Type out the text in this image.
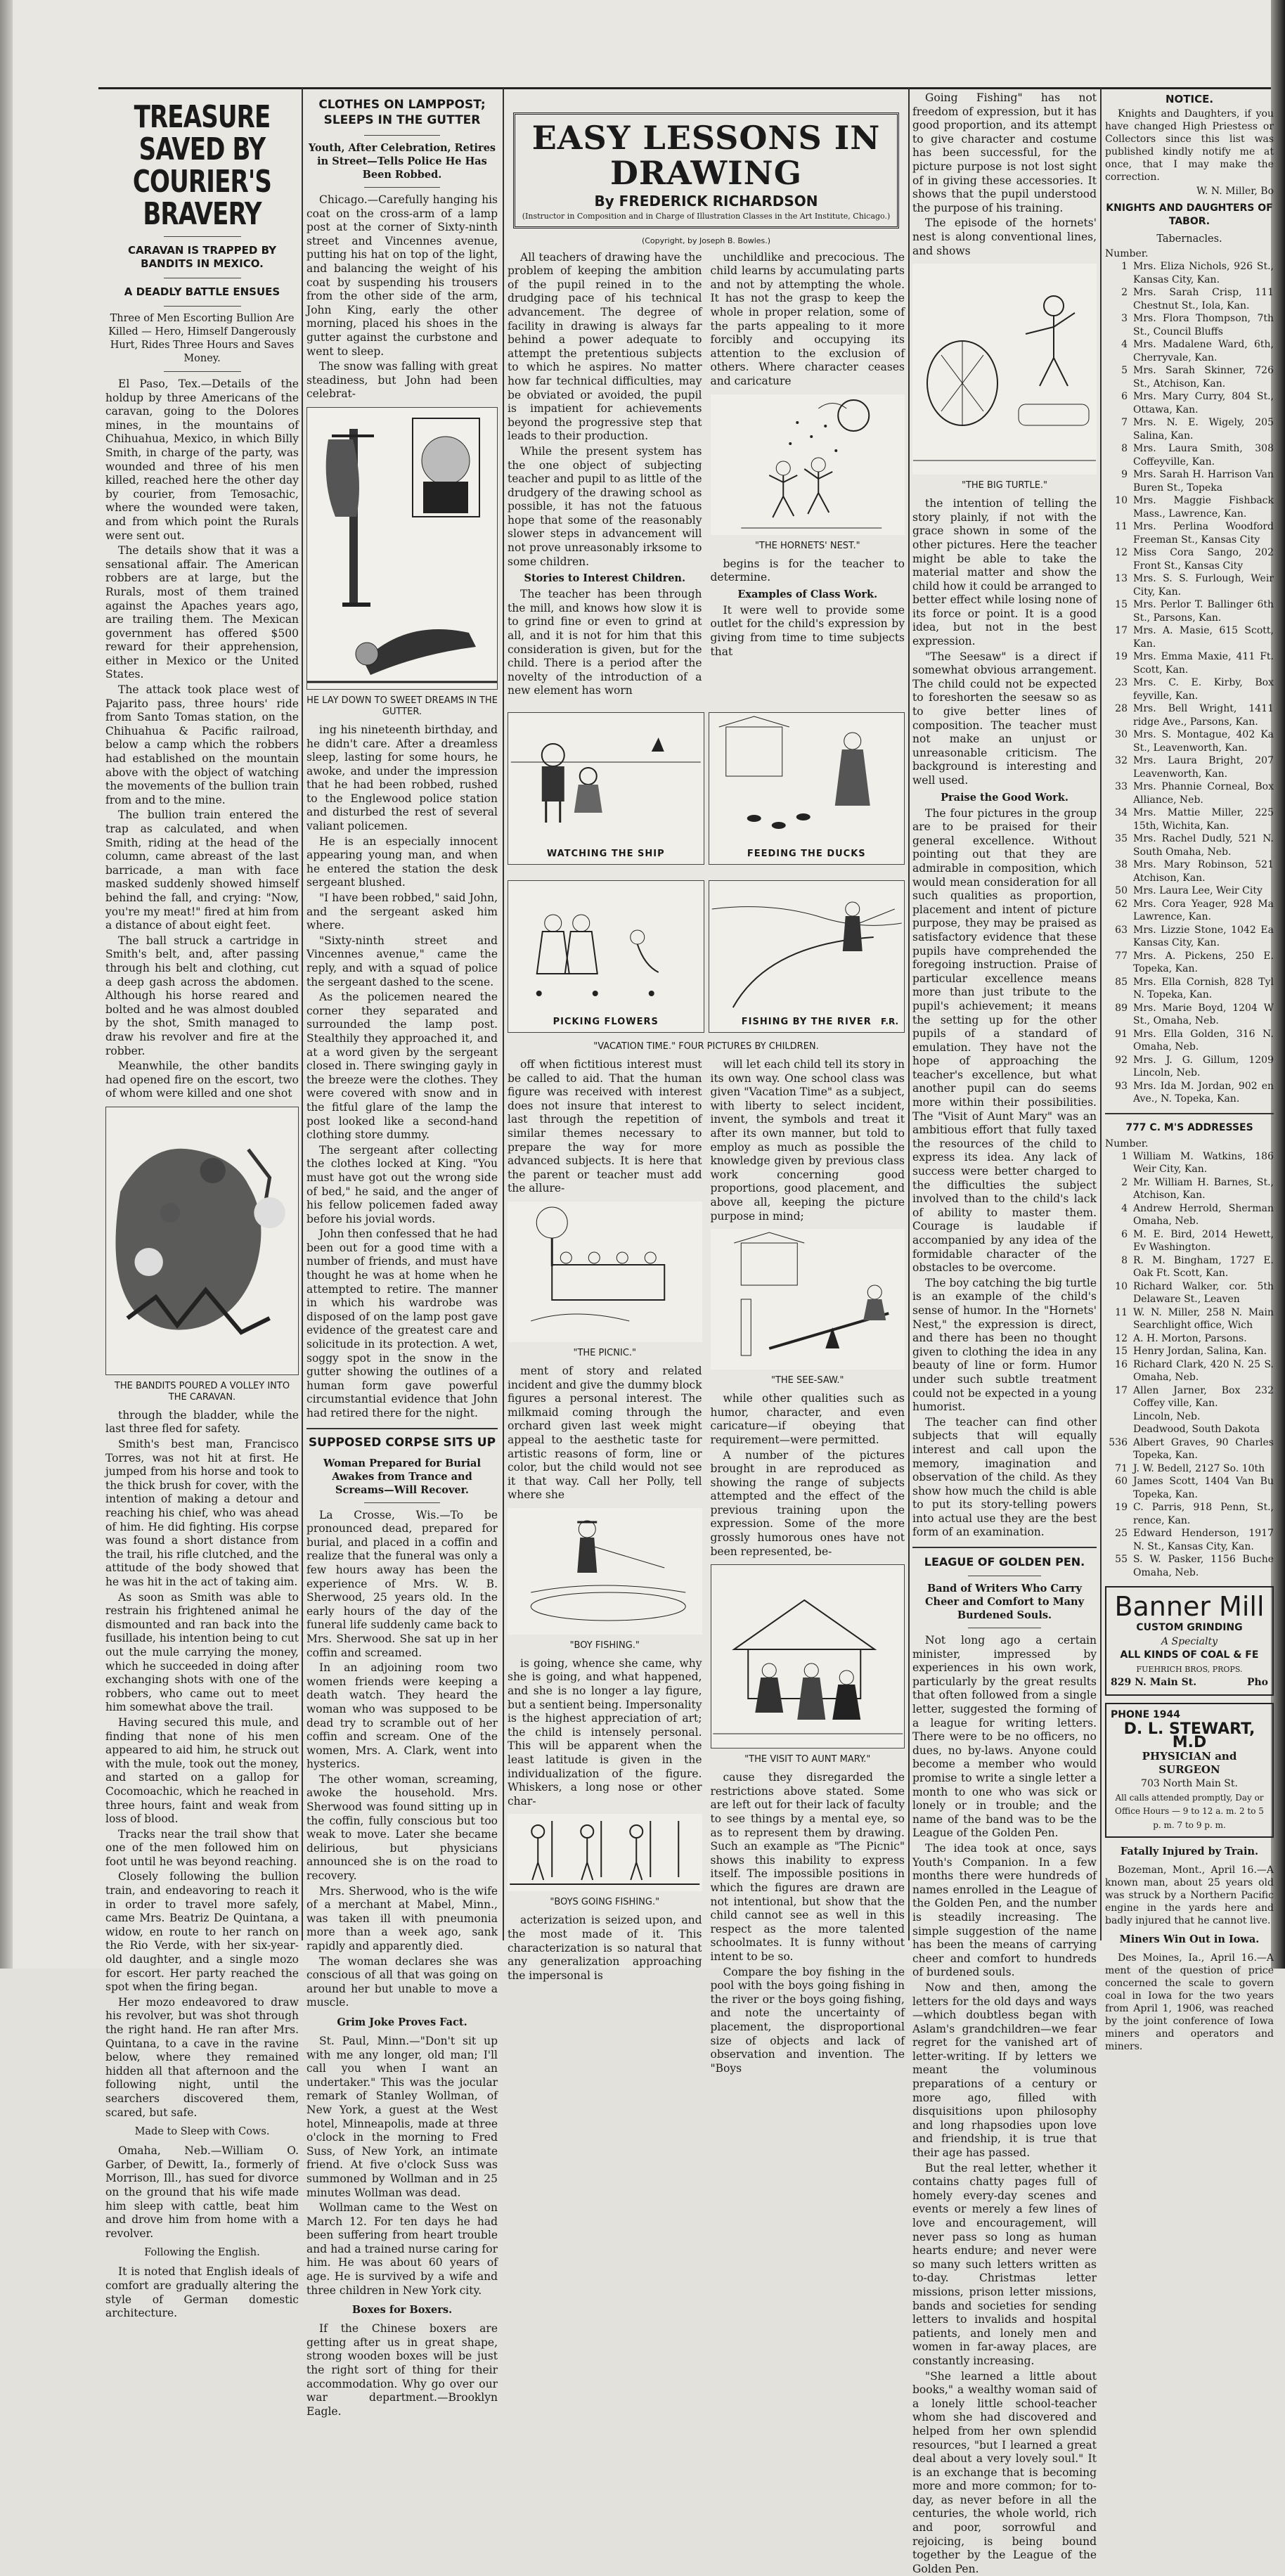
TREASURE SAVED BY COURIER'S BRAVERY
CARAVAN IS TRAPPED BY BANDITS IN MEXICO.
A DEADLY BATTLE ENSUES
Three of Men Escorting Bullion Are Killed — Hero, Himself Dangerously Hurt, Rides Three Hours and Saves Money.

El Paso, Tex.—Details of the holdup by three Americans of the caravan, going to the Dolores mines, in the mountains of Chihuahua, Mexico, in which Billy Smith, in charge of the party, was wounded and three of his men killed, reached here the other day by courier, from Temosachic, where the wounded were taken, and from which point the Rurals were sent out.

The details show that it was a sensational affair. The American robbers are at large, but the Rurals, most of them trained against the Apaches years ago, are trailing them. The Mexican government has offered $500 reward for their apprehension, either in Mexico or the United States.

The attack took place west of Pajarito pass, three hours' ride from Santo Tomas station, on the Chihuahua & Pacific railroad, below a camp which the robbers had established on the mountain above with the object of watching the movements of the bullion train from and to the mine.

The bullion train entered the trap as calculated, and when Smith, riding at the head of the column, came abreast of the last barricade, a man with face masked suddenly showed himself behind the fall, and crying: "Now, you're my meat!" fired at him from a distance of about eight feet.

The ball struck a cartridge in Smith's belt, and, after passing through his belt and clothing, cut a deep gash across the abdomen. Although his horse reared and bolted and he was almost doubled by the shot, Smith managed to draw his revolver and fire at the robber.

Meanwhile, the other bandits had opened fire on the escort, two of whom were killed and one shot

THE BANDITS POURED A VOLLEY INTO THE CARAVAN.

through the bladder, while the last three fled for safety.

Smith's best man, Francisco Torres, was not hit at first. He jumped from his horse and took to the thick brush for cover, with the intention of making a detour and reaching his chief, who was ahead of him. He did fighting. His corpse was found a short distance from the trail, his rifle clutched, and the attitude of the body showed that he was hit in the act of taking aim.

As soon as Smith was able to restrain his frightened animal he dismounted and ran back into the fusillade, his intention being to cut out the mule carrying the money, which he succeeded in doing after exchanging shots with one of the robbers, who came out to meet him somewhat above the trail.

Having secured this mule, and finding that none of his men appeared to aid him, he struck out with the mule, took out the money, and started on a gallop for Cocomoachic, which he reached in three hours, faint and weak from loss of blood.

Tracks near the trail show that one of the men followed him on foot until he was beyond reaching.

Closely following the bullion train, and endeavoring to reach it in order to travel more safely, came Mrs. Beatriz De Quintana, a widow, en route to her ranch on the Rio Verde, with her six-year-old daughter, and a single mozo for escort. Her party reached the spot when the firing began.

Her mozo endeavored to draw his revolver, but was shot through the right hand. He ran after Mrs. Quintana, to a cave in the ravine below, where they remained hidden all that afternoon and the following night, until the searchers discovered them, scared, but safe.

Made to Sleep with Cows.

Omaha, Neb.—William O. Garber, of Dewitt, Ia., formerly of Morrison, Ill., has sued for divorce on the ground that his wife made him sleep with cattle, beat him and drove him from home with a revolver.

Following the English.

It is noted that English ideals of comfort are gradually altering the style of German domestic architecture.

CLOTHES ON LAMPPOST; SLEEPS IN THE GUTTER
Youth, After Celebration, Retires in Street—Tells Police He Has Been Robbed.

Chicago.—Carefully hanging his coat on the cross-arm of a lamp post at the corner of Sixty-ninth street and Vincennes avenue, putting his hat on top of the light, and balancing the weight of his coat by suspending his trousers from the other side of the arm, John King, early the other morning, placed his shoes in the gutter against the curbstone and went to sleep.

The snow was falling with great steadiness, but John had been celebrat-

HE LAY DOWN TO SWEET DREAMS IN THE GUTTER.

ing his nineteenth birthday, and he didn't care. After a dreamless sleep, lasting for some hours, he awoke, and under the impression that he had been robbed, rushed to the Englewood police station and disturbed the rest of several valiant policemen.

He is an especially innocent appearing young man, and when he entered the station the desk sergeant blushed.

"I have been robbed," said John, and the sergeant asked him where.

"Sixty-ninth street and Vincennes avenue," came the reply, and with a squad of police the sergeant dashed to the scene.

As the policemen neared the corner they separated and surrounded the lamp post. Stealthily they approached it, and at a word given by the sergeant closed in. There swinging gayly in the breeze were the clothes. They were covered with snow and in the fitful glare of the lamp the post looked like a second-hand clothing store dummy.

The sergeant after collecting the clothes locked at King. "You must have got out the wrong side of bed," he said, and the anger of his fellow policemen faded away before his jovial words.

John then confessed that he had been out for a good time with a number of friends, and must have thought he was at home when he attempted to retire. The manner in which his wardrobe was disposed of on the lamp post gave evidence of the greatest care and solicitude in its protection. A wet, soggy spot in the snow in the gutter showing the outlines of a human form gave powerful circumstantial evidence that John had retired there for the night.

SUPPOSED CORPSE SITS UP
Woman Prepared for Burial Awakes from Trance and Screams—Will Recover.

La Crosse, Wis.—To be pronounced dead, prepared for burial, and placed in a coffin and realize that the funeral was only a few hours away has been the experience of Mrs. W. B. Sherwood, 25 years old. In the early hours of the day of the funeral life suddenly came back to Mrs. Sherwood. She sat up in her coffin and screamed.

In an adjoining room two women friends were keeping a death watch. They heard the woman who was supposed to be dead try to scramble out of her coffin and scream. One of the women, Mrs. A. Clark, went into hysterics.

The other woman, screaming, awoke the household. Mrs. Sherwood was found sitting up in the coffin, fully conscious but too weak to move. Later she became delirious, but physicians announced she is on the road to recovery.

Mrs. Sherwood, who is the wife of a merchant at Mabel, Minn., was taken ill with pneumonia more than a week ago, sank rapidly and apparently died.

The woman declares she was conscious of all that was going on around her but unable to move a muscle.

Grim Joke Proves Fact.

St. Paul, Minn.—"Don't sit up with me any longer, old man; I'll call you when I want an undertaker." This was the jocular remark of Stanley Wollman, of New York, a guest at the West hotel, Minneapolis, made at three o'clock in the morning to Fred Suss, of New York, an intimate friend. At five o'clock Suss was summoned by Wollman and in 25 minutes Wollman was dead.

Wollman came to the West on March 12. For ten days he had been suffering from heart trouble and had a trained nurse caring for him. He was about 60 years of age. He is survived by a wife and three children in New York city.

Boxes for Boxers.

If the Chinese boxers are getting after us in great shape, strong wooden boxes will be just the right sort of thing for their accommodation. Why go over our war department.—Brooklyn Eagle.

EASY LESSONS IN DRAWING
By FREDERICK RICHARDSON
(Instructor in Composition and in Charge of Illustration Classes in the Art Institute, Chicago.)
(Copyright, by Joseph B. Bowles.)

All teachers of drawing have the problem of keeping the ambition of the pupil reined in to the drudging pace of his technical advancement. The degree of facility in drawing is always far behind a power adequate to attempt the pretentious subjects to which he aspires. No matter how far technical difficulties, may be obviated or avoided, the pupil is impatient for achievements beyond the progressive step that leads to their production.

While the present system has the one object of subjecting teacher and pupil to as little of the drudgery of the drawing school as possible, it has not the fatuous hope that some of the reasonably slower steps in advancement will not prove unreasonably irksome to some children.

Stories to Interest Children.

The teacher has been through the mill, and knows how slow it is to grind fine or even to grind at all, and it is not for him that this consideration is given, but for the child. There is a period after the novelty of the introduction of a new element has worn

unchildlike and precocious. The child learns by accumulating parts and not by attempting the whole. It has not the grasp to keep the whole in proper relation, some of the parts appealing to it more forcibly and occupying its attention to the exclusion of others. Where character ceases and caricature

"THE HORNETS' NEST."

begins is for the teacher to determine.

Examples of Class Work.

It were well to provide some outlet for the child's expression by giving from time to time subjects that

WATCHING THE SHIP	FEEDING THE DUCKS
PICKING FLOWERS	FISHING BY THE RIVER	F.R.
"VACATION TIME." FOUR PICTURES BY CHILDREN.

off when fictitious interest must be called to aid. That the human figure was received with interest does not insure that interest to last through the repetition of similar themes necessary to prepare the way for more advanced subjects. It is here that the parent or teacher must add the allure-

"THE PICNIC."

ment of story and related incident and give the dummy block figures a personal interest. The milkmaid coming through the orchard given last week might appeal to the aesthetic taste for artistic reasons of form, line or color, but the child would not see it that way. Call her Polly, tell where she

"BOY FISHING."

is going, whence she came, why she is going, and what happened, and she is no longer a lay figure, but a sentient being. Impersonality is the highest appreciation of art; the child is intensely personal. This will be apparent when the least latitude is given in the individualization of the figure. Whiskers, a long nose or other char-

"BOYS GOING FISHING."

acterization is seized upon, and the most made of it. This characterization is so natural that any generalization approaching the impersonal is

will let each child tell its story in its own way. One school class was given "Vacation Time" as a subject, with liberty to select incident, invent, the symbols and treat it after its own manner, but told to employ as much as possible the knowledge given by previous class work concerning good proportions, good placement, and above all, keeping the picture purpose in mind;

"THE SEE-SAW."

while other qualities such as humor, character, and even caricature—if obeying that requirement—were permitted.

A number of the pictures brought in are reproduced as showing the range of subjects attempted and the effect of the previous training upon the expression. Some of the more grossly humorous ones have not been represented, be-

"THE VISIT TO AUNT MARY."

cause they disregarded the restrictions above stated. Some are left out for their lack of faculty to see things by a mental eye, so as to represent them by drawing. Such an example as "The Picnic" shows this inability to express itself. The impossible positions in which the figures are drawn are not intentional, but show that the child cannot see as well in this respect as the more talented schoolmates. It is funny without intent to be so.

Compare the boy fishing in the pool with the boys going fishing in the river or the boys going fishing, and note the uncertainty of placement, the disproportional size of objects and lack of observation and invention. The "Boys

Going Fishing" has not freedom of expression, but it has good proportion, and its attempt to give character and costume has been successful, for the picture purpose is not lost sight of in giving these accessories. It shows that the pupil understood the purpose of his training.

The episode of the hornets' nest is along conventional lines, and shows

"THE BIG TURTLE."

the intention of telling the story plainly, if not with the grace shown in some of the other pictures. Here the teacher might be able to take the material matter and show the child how it could be arranged to better effect while losing none of its force or point. It is a good idea, but not in the best expression.

"The Seesaw" is a direct if somewhat obvious arrangement. The child could not be expected to foreshorten the seesaw so as to give better lines of composition. The teacher must not make an unjust or unreasonable criticism. The background is interesting and well used.

Praise the Good Work.

The four pictures in the group are to be praised for their general excellence. Without pointing out that they are admirable in composition, which would mean consideration for all such qualities as proportion, placement and intent of picture purpose, they may be praised as satisfactory evidence that these pupils have comprehended the foregoing instruction. Praise of particular excellence means more than just tribute to the pupil's achievement; it means the setting up for the other pupils of a standard of emulation. They have not the hope of approaching the teacher's excellence, but what another pupil can do seems more within their possibilities. The "Visit of Aunt Mary" was an ambitious effort that fully taxed the resources of the child to express its idea. Any lack of success were better charged to the difficulties the subject involved than to the child's lack of ability to master them. Courage is laudable if accompanied by any idea of the formidable character of the obstacles to be overcome.

The boy catching the big turtle is an example of the child's sense of humor. In the "Hornets' Nest," the expression is direct, and there has been no thought given to clothing the idea in any beauty of line or form. Humor under such subtle treatment could not be expected in a young humorist.

The teacher can find other subjects that will equally interest and call upon the memory, imagination and observation of the child. As they show how much the child is able to put its story-telling powers into actual use they are the best form of an examination.

LEAGUE OF GOLDEN PEN.
Band of Writers Who Carry Cheer and Comfort to Many Burdened Souls.

Not long ago a certain minister, impressed by experiences in his own work, particularly by the great results that often followed from a single letter, suggested the forming of a league for writing letters. There were to be no officers, no dues, no by-laws. Anyone could become a member who would promise to write a single letter a month to one who was sick or lonely or in trouble; and the name of the band was to be the League of the Golden Pen.

The idea took at once, says Youth's Companion. In a few months there were hundreds of names enrolled in the League of the Golden Pen, and the number is steadily increasing. The simple suggestion of the name has been the means of carrying cheer and comfort to hundreds of burdened souls.

Now and then, among the letters for the old days and ways—which doubtless began with Aslam's grandchildren—we fear regret for the vanished art of letter-writing. If by letters we meant the voluminous preparations of a century or more ago, filled with disquisitions upon philosophy and long rhapsodies upon love and friendship, it is true that their age has passed.

But the real letter, whether it contains chatty pages full of homely every-day scenes and events or merely a few lines of love and encouragement, will never pass so long as human hearts endure; and never were so many such letters written as to-day. Christmas letter missions, prison letter missions, bands and societies for sending letters to invalids and hospital patients, and lonely men and women in far-away places, are constantly increasing.

"She learned a little about books," a wealthy woman said of a lonely little school-teacher whom she had discovered and helped from her own splendid resources, "but I learned a great deal about a very lovely soul." It is an exchange that is becoming more and more common; for to-day, as never before in all the centuries, the whole world, rich and poor, sorrowful and rejoicing, is being bound together by the League of the Golden Pen.

NOTICE.

Knights and Daughters, if you have changed High Priestess or Collectors since this list was published kindly notify me at once, that I may make the correction.

W. N. Miller, Bo
KNIGHTS AND DAUGHTERS OF TABOR.
Tabernacles.
Number.
1 Mrs. Eliza Nichols, 926 St., Kansas City, Kan.
2 Mrs. Sarah Crisp, 111 Chestnut St., Iola, Kan.
3 Mrs. Flora Thompson, 7th St., Council Bluffs
4 Mrs. Madalene Ward, 6th, Cherryvale, Kan.
5 Mrs. Sarah Skinner, 726 St., Atchison, Kan.
6 Mrs. Mary Curry, 804 St., Ottawa, Kan.
7 Mrs. N. E. Wigely, 205 Salina, Kan.
8 Mrs. Laura Smith, 308 Coffeyville, Kan.
9 Mrs. Sarah H. Harrison Van Buren St., Topeka
10 Mrs. Maggie Fishback Mass., Lawrence, Kan.
11 Mrs. Perlina Woodford Freeman St., Kansas City
12 Miss Cora Sango, 202 Front St., Kansas City
13 Mrs. S. S. Furlough, Weir City, Kan.
15 Mrs. Perlor T. Ballinger 6th St., Parsons, Kan.
17 Mrs. A. Masie, 615 Scott, Kan.
19 Mrs. Emma Maxie, 411 Ft. Scott, Kan.
23 Mrs. C. E. Kirby, Box feyville, Kan.
28 Mrs. Bell Wright, 1411 ridge Ave., Parsons, Kan.
30 Mrs. S. Montague, 402 Ka St., Leavenworth, Kan.
32 Mrs. Laura Bright, 207 Leavenworth, Kan.
33 Mrs. Phannie Corneal, Box Alliance, Neb.
34 Mrs. Mattie Miller, 225 15th, Wichita, Kan.
35 Mrs. Rachel Dudly, 521 N. South Omaha, Neb.
38 Mrs. Mary Robinson, 521 Atchison, Kan.
50 Mrs. Laura Lee, Weir City
62 Mrs. Cora Yeager, 928 Ma Lawrence, Kan.
63 Mrs. Lizzie Stone, 1042 Ea Kansas City, Kan.
77 Mrs. A. Pickens, 250 E. Topeka, Kan.
85 Mrs. Ella Cornish, 828 Tyl N. Topeka, Kan.
89 Mrs. Marie Boyd, 1204 W St., Omaha, Neb.
91 Mrs. Ella Golden, 316 N. Omaha, Neb.
92 Mrs. J. G. Gillum, 1209 Lincoln, Neb.
93 Mrs. Ida M. Jordan, 902 en Ave., N. Topeka, Kan.
777 C. M'S ADDRESSES
Number.
1 William M. Watkins, 186 Weir City, Kan.
2 Mr. William H. Barnes, St., Atchison, Kan.
4 Andrew Herrold, Sherman Omaha, Neb.
6 M. E. Bird, 2014 Hewett, Ev Washington.
8 R. M. Bingham, 1727 E. Oak Ft. Scott, Kan.
10 Richard Walker, cor. 5th Delaware St., Leaven
11 W. N. Miller, 258 N. Main Searchlight office, Wich
12 A. H. Morton, Parsons.
15 Henry Jordan, Salina, Kan.
16 Richard Clark, 420 N. 25 S. Omaha, Neb.
17 Allen Jarner, Box 232 Coffey ville, Kan.
Lincoln, Neb.
Deadwood, South Dakota
536 Albert Graves, 90 Charles Topeka, Kan.
71 J. W. Bedell, 2127 So. 10th
60 James Scott, 1404 Van Bu Topeka, Kan.
19 C. Parris, 918 Penn, St., rence, Kan.
25 Edward Henderson, 1917 N. St., Kansas City, Kan.
55 S. W. Pasker, 1156 Buche Omaha, Neb.
Banner Mill
CUSTOM GRINDING
A Specialty
ALL KINDS OF COAL & FE
FUEHRICH BROS, PROPS.
829 N. Main St.	Pho
PHONE 1944
D. L. STEWART, M.D
PHYSICIAN and SURGEON
703 North Main St.
All calls attended promptly, Day or
Office Hours — 9 to 12 a. m. 2 to 5 p. m. 7 to 9 p. m.
Fatally Injured by Train.

Bozeman, Mont., April 16.—A known man, about 25 years old was struck by a Northern Pacific engine in the yards here and badly injured that he cannot live.

Miners Win Out in Iowa.

Des Moines, Ia., April 16.—A ment of the question of price concerned the scale to govern coal in Iowa for the two years from April 1, 1906, was reached by the joint conference of Iowa miners and operators and miners.
